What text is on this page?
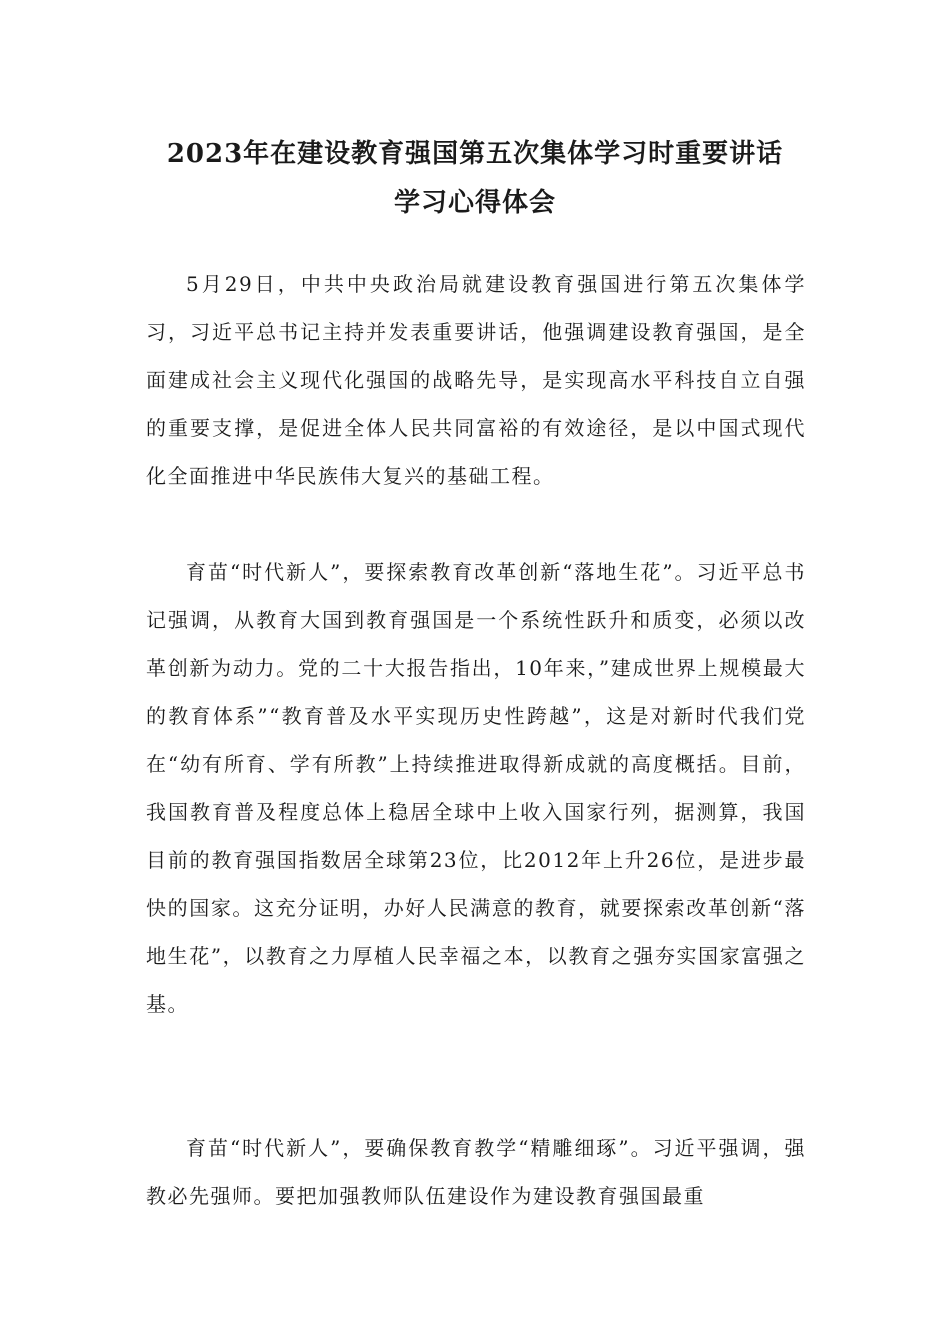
2023年在建设教育强国第五次集体学习时重要讲话
学习心得体会

5月29日，中共中央政治局就建设教育强国进行第五次集体学习，习近平总书记主持并发表重要讲话，他强调建设教育强国，是全面建成社会主义现代化强国的战略先导，是实现高水平科技自立自强的重要支撑，是促进全体人民共同富裕的有效途径，是以中国式现代化全面推进中华民族伟大复兴的基础工程。

育苗“时代新人”，要探索教育改革创新“落地生花”。习近平总书记强调，从教育大国到教育强国是一个系统性跃升和质变，必须以改革创新为动力。党的二十大报告指出，10年来，”建成世界上规模最大的教育体系”“教育普及水平实现历史性跨越”，这是对新时代我们党在“幼有所育、学有所教”上持续推进取得新成就的高度概括。目前，我国教育普及程度总体上稳居全球中上收入国家行列，据测算，我国目前的教育强国指数居全球第23位，比2012年上升26位，是进步最快的国家。这充分证明，办好人民满意的教育，就要探索改革创新“落地生花”，以教育之力厚植人民幸福之本，以教育之强夯实国家富强之基。

育苗“时代新人”，要确保教育教学“精雕细琢”。习近平强调，强教必先强师。要把加强教师队伍建设作为建设教育强国最重
